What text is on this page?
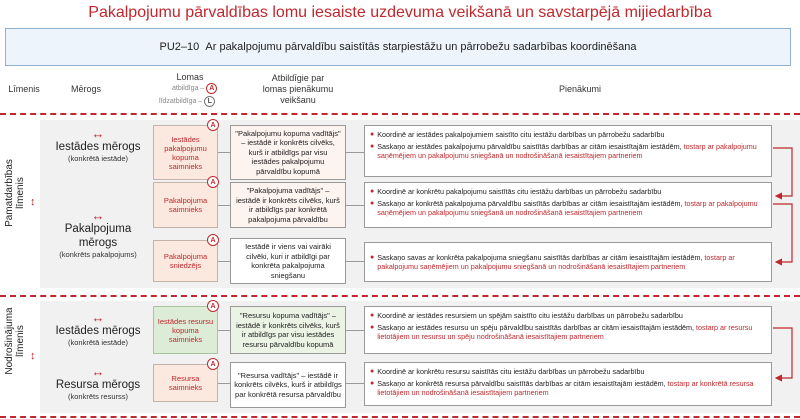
Pakalpojumu pārvaldības lomu iesaiste uzdevuma veikšanā un savstarpējā mijiedarbība
PU2–10
Ar pakalpojumu pārvaldību saistītās starpiestāžu un pārrobežu sadarbības koordinēšana
Līmenis	Mērogs
Lomas
atbildīga – A
līdzatbildīga – L
Atbildīgie par lomas pienākumu veikšanu
Pienākumi
Pamatdarbības līmenis ↕
Nodrošinājuma līmenis ↕
↔
Iestādes mērogs
(konkrētā iestāde)
↔
Pakalpojuma mērogs
(konkrēts pakalpojums)
↔
Iestādes mērogs
(konkrētā iestāde)
↔
Resursa mērogs
(konkrēts resurss)
Iestādes pakalpojumu kopuma saimnieks
A
"Pakalpojumu kopuma vadītājs" – iestādē ir konkrēts cilvēks, kurš ir atbildīgs par visu iestādes pakalpojumu pārvaldību kopumā
● Koordinē ar iestādes pakalpojumiem saistīto citu iestāžu darbības un pārrobežu sadarbību
● Saskaņo ar iestādes pakalpojumu pārvaldību saistītās darbības ar citām iesaistītajām iestādēm, tostarp ar pakalpojumu saņēmējiem un pakalpojumu sniegšanā un nodrošināšanā iesaistītajiem partneriem
Pakalpojuma saimnieks
A
"Pakalpojuma vadītājs" – iestādē ir konkrēts cilvēks, kurš ir atbildīgs par konkrētā pakalpojuma pārvaldību
● Koordinē ar konkrētu pakalpojumu saistītās citu iestāžu darbības un pārrobežu sadarbību
● Saskaņo ar konkrētā pakalpojuma pārvaldību saistītās darbības ar citām iesaistītajām iestādēm, tostarp ar pakalpojumu saņēmējiem un pakalpojumu sniegšanā un nodrošināšanā iesaistītajiem partneriem
Pakalpojuma sniedzējs
A
Iestādē ir viens vai vairāki cilvēki, kuri ir atbildīgi par konkrēta pakalpojuma sniegšanu
● Saskaņo savas ar konkrēta pakalpojuma sniegšanu saistītās darbības ar citām iesaistītajām iestādēm, tostarp ar pakalpojumu saņēmējiem un pakalpojumu sniegšanā un nodrošināšanā iesaistītajiem partneriem
Iestādes resursu kopuma saimnieks
A
"Resursu kopuma vadītājs" – iestādē ir konkrēts cilvēks, kurš ir atbildīgs par visu iestādes resursu pārvaldību kopumā
● Koordinē ar iestādes resursiem un spējām saistīto citu iestāžu darbības un pārrobežu sadarbību
● Saskaņo ar iestādes resursu un spēju pārvaldību saistītās darbības ar citām iesaistītajām iestādēm, tostarp ar resursu lietotājiem un resursu un spēju nodrošināšanā iesaistītajiem partneriem
Resursa saimnieks
A
"Resursa vadītājs" – iestādē ir konkrēts cilvēks, kurš ir atbildīgs par konkrētā resursa pārvaldību
● Koordinē ar konkrētu resursu saistītās citu iestāžu darbības un pārrobežu sadarbību
● Saskaņo ar konkrētā resursa pārvaldību saistītās darbības ar citām iesaistītajām iestādēm, tostarp ar konkrētā resursa lietotājiem un nodrošināšanā iesaistītajiem partneriem
